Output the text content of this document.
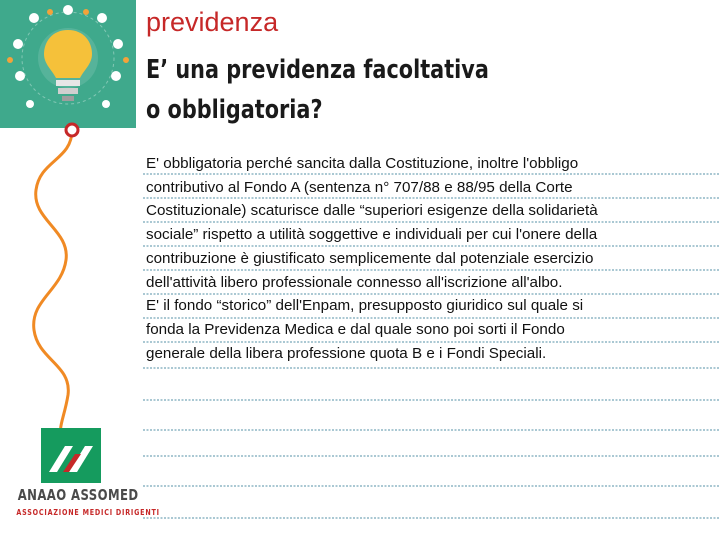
previdenza
E’ una previdenza facoltativa
o obbligatoria?

E' obbligatoria perché sancita dalla Costituzione, inoltre l'obbligo

contributivo al Fondo A (sentenza n° 707/88 e 88/95 della Corte

Costituzionale) scaturisce dalle “superiori esigenze della solidarietà

sociale” rispetto a utilità soggettive e individuali per cui l'onere della

contribuzione è giustificato semplicemente dal potenziale esercizio

dell'attività libero professionale connesso all'iscrizione all'albo.

E' il fondo “storico” dell'Enpam, presupposto giuridico sul quale si

fonda la Previdenza Medica e dal quale sono poi sorti il Fondo

generale della libera professione quota B e i Fondi Speciali.

ANAAO ASSOMED
ASSOCIAZIONE MEDICI DIRIGENTI
